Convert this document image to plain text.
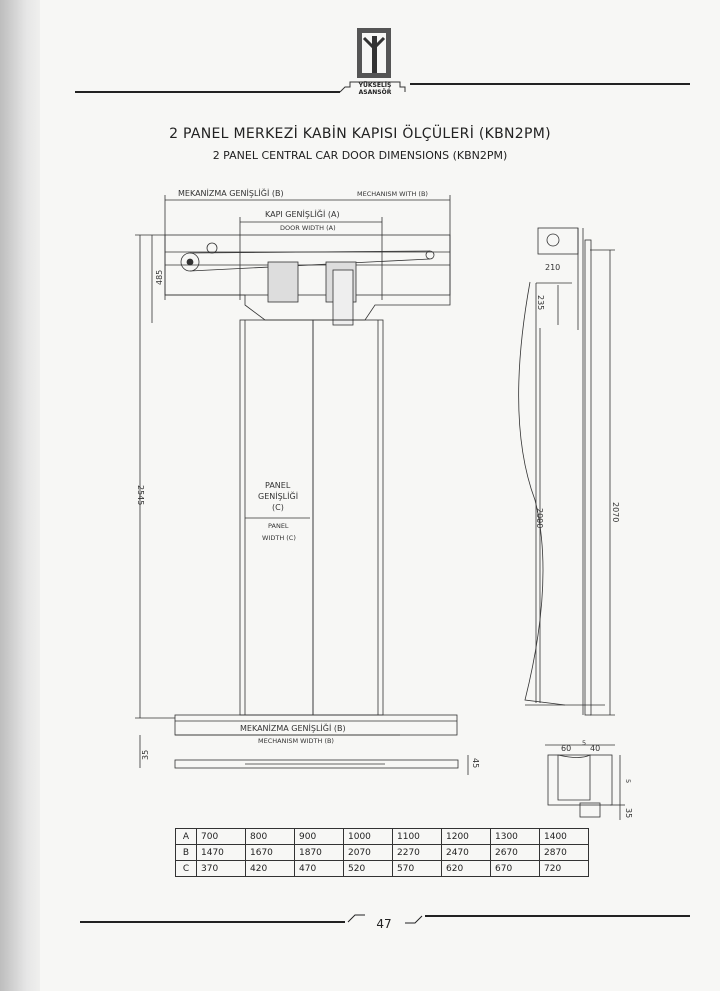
MEKANİZMA GENİŞLİĞİ (B)	MECHANISM WITH (B)
KAPI GENİŞLİĞİ (A)
DOOR WIDTH (A)
PANEL
GENİŞLİĞİ
(C)
PANEL
WIDTH (C)
MEKANİZMA GENİŞLİĞİ (B)
MECHANISM WIDTH (B)
485
2545
35
45
210
235
2000	2070
60
5
40
5
35
YÜKSELİŞ
ASANSÖR
2 PANEL MERKEZİ KABİN KAPISI ÖLÇÜLERİ (KBN2PM)
2 PANEL CENTRAL CAR DOOR DIMENSIONS (KBN2PM)
A	700	800	900	1000	1100	1200	1300	1400
B	1470	1670	1870	2070	2270	2470	2670	2870
C	370	420	470	520	570	620	670	720
47
